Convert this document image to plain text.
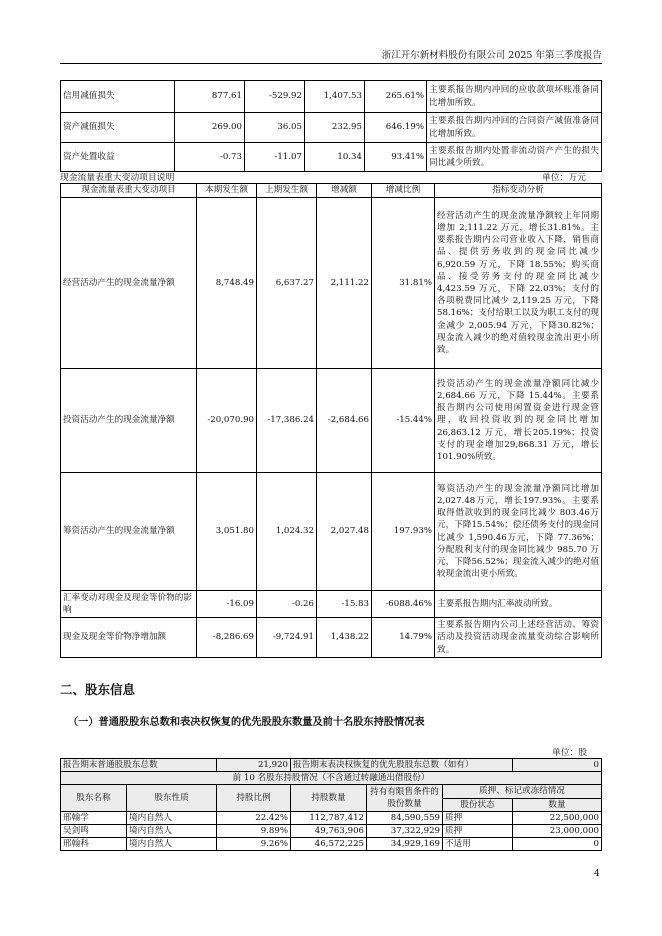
浙江开尔新材料股份有限公司 2025 年第三季度报告
信用减值损失	877.61	-529.92	1,407.53	265.61%	主要系报告期内冲回的应收款项坏账准备同比增加所致。
资产减值损失	269.00	36.05	232.95	646.19%	主要系报告期内冲回的合同资产减值准备同比增加所致。
资产处置收益	-0.73	-11.07	10.34	93.41%	主要系报告期内处置非流动资产产生的损失同比减少所致。
现金流量表重大变动项目说明	单位：万元
现金流量表重大变动项目	本期发生额	上期发生额	增减额	增减比例	指标变动分析
经营活动产生的现金流量净额	8,748.49	6,637.27	2,111.22	31.81%	经营活动产生的现金流量净额较上年同期增加 2,111.22 万元，增长31.81%。主要系报告期内公司营业收入下降，销售商品、提供劳务收到的现金同比减少 6,920.59 万元，下降 18.55%；购买商品、接受劳务支付的现金同比减少 4,423.59 万元，下降 22.03%；支付的各项税费同比减少 2,119.25 万元，下降58.16%；支付给职工以及为职工支付的现金减少 2,005.94 万元，下降30.82%；现金流入减少的绝对值较现金流出更小所致。
投资活动产生的现金流量净额	-20,070.90	-17,386.24	-2,684.66	-15.44%	投资活动产生的现金流量净额同比减少 2,684.66 万元，下降 15.44%。主要系报告期内公司使用闲置资金进行现金管理，收回投资收到的现金同比增加 26,863.12 万元，增长205.19%；投资支付的现金增加29,868.31 万元，增长 101.90%所致。
筹资活动产生的现金流量净额	3,051.80	1,024.32	2,027.48	197.93%	筹资活动产生的现金流量净额同比增加2,027.48万元，增长197.93%。主要系取得借款收到的现金同比减少 803.46万元，下降15.54%；偿还债务支付的现金同比减少 1,590.46万元，下降 77.36%；分配股利支付的现金同比减少 985.70 万元，下降56.52%；现金流入减少的绝对值较现金流出更小所致。
汇率变动对现金及现金等价物的影响	-16.09	-0.26	-15.83	-6088.46%	主要系报告期内汇率波动所致。
现金及现金等价物净增加额	-8,286.69	-9,724.91	1,438.22	14.79%	主要系报告期内公司上述经营活动、筹资活动及投资活动现金流量变动综合影响所致。
二、股东信息
（一）普通股股东总数和表决权恢复的优先股股东数量及前十名股东持股情况表
单位：股
报告期末普通股股东总数		21,920	报告期末表决权恢复的优先股股东总数（如有）			0
前 10 名股东持股情况（不含通过转融通出借股份）						
股东名称	股东性质	持股比例	持股数量	持有有限售条件的股份数量	质押、标记或冻结情况	
					股份状态	数量
邢翰学	境内自然人	22.42%	112,787,412	84,590,559	质押	22,500,000
吴剑鸣	境内自然人	9.89%	49,763,906	37,322,929	质押	23,000,000
邢翰科	境内自然人	9.26%	46,572,225	34,929,169	不适用	0
4
